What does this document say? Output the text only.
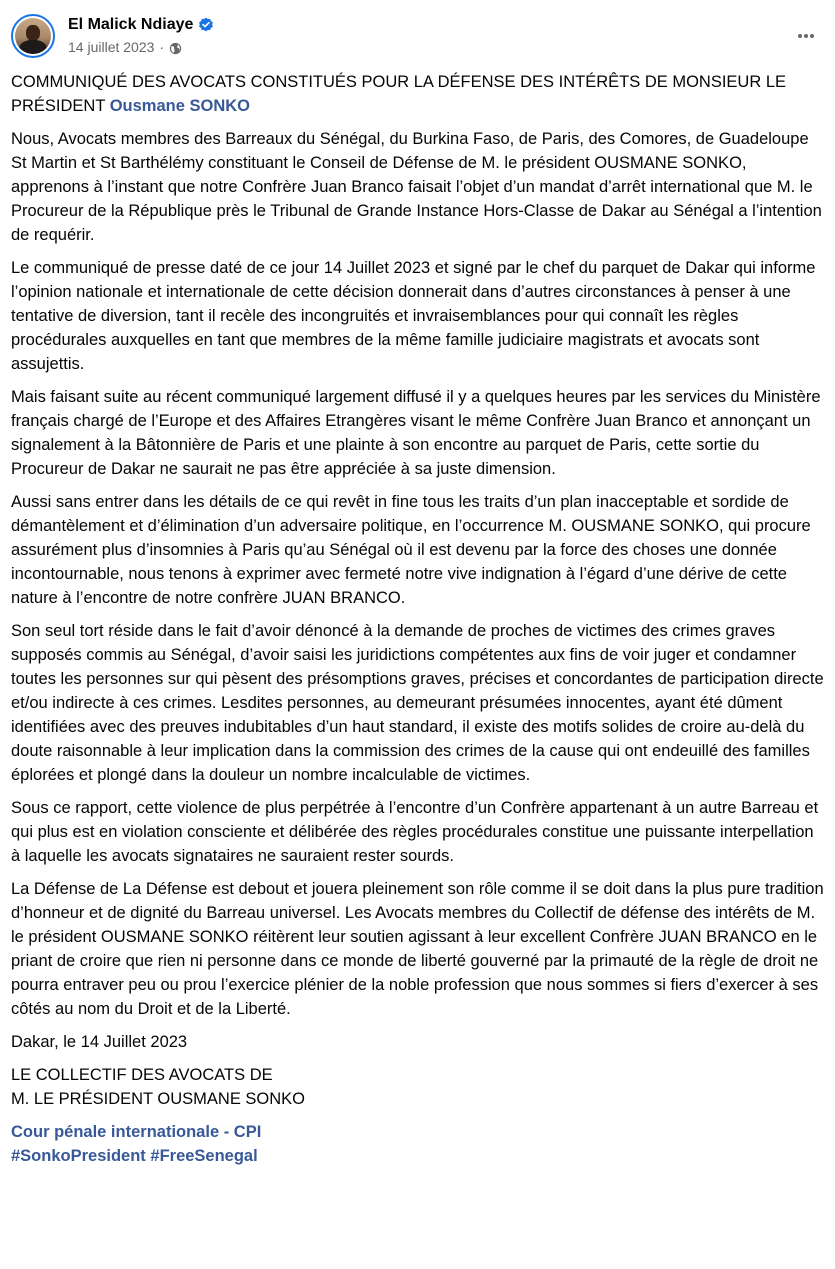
El Malick Ndiaye
14 juillet 2023 ·

COMMUNIQUÉ DES AVOCATS CONSTITUÉS POUR LA DÉFENSE DES INTÉRÊTS DE MONSIEUR LE PRÉSIDENT Ousmane SONKO

Nous, Avocats membres des Barreaux du Sénégal, du Burkina Faso, de Paris, des Comores, de Guadeloupe St Martin et St Barthélémy constituant le Conseil de Défense de M. le président OUSMANE SONKO, apprenons à l’instant que notre Confrère Juan Branco faisait l’objet d’un mandat d’arrêt international que M. le Procureur de la République près le Tribunal de Grande Instance Hors-Classe de Dakar au Sénégal a l’intention de requérir.

Le communiqué de presse daté de ce jour 14 Juillet 2023 et signé par le chef du parquet de Dakar qui informe l’opinion nationale et internationale de cette décision donnerait dans d’autres circonstances à penser à une tentative de diversion, tant il recèle des incongruités et invraisemblances pour qui connaît les règles procédurales auxquelles en tant que membres de la même famille judiciaire magistrats et avocats sont assujettis.

Mais faisant suite au récent communiqué largement diffusé il y a quelques heures par les services du Ministère français chargé de l’Europe et des Affaires Etrangères visant le même Confrère Juan Branco et annonçant un signalement à la Bâtonnière de Paris et une plainte à son encontre au parquet de Paris, cette sortie du Procureur de Dakar ne saurait ne pas être appréciée à sa juste dimension.

Aussi sans entrer dans les détails de ce qui revêt in fine tous les traits d’un plan inacceptable et sordide de démantèlement et d’élimination d’un adversaire politique, en l’occurrence M. OUSMANE SONKO, qui procure assurément plus d’insomnies à Paris qu’au Sénégal où il est devenu par la force des choses une donnée incontournable, nous tenons à exprimer avec fermeté notre vive indignation à l’égard d’une dérive de cette nature à l’encontre de notre confrère JUAN BRANCO.

Son seul tort réside dans le fait d’avoir dénoncé à la demande de proches de victimes des crimes graves supposés commis au Sénégal, d’avoir saisi les juridictions compétentes aux fins de voir juger et condamner toutes les personnes sur qui pèsent des présomptions graves, précises et concordantes de participation directe et/ou indirecte à ces crimes. Lesdites personnes, au demeurant présumées innocentes, ayant été dûment identifiées avec des preuves indubitables d’un haut standard, il existe des motifs solides de croire au-delà du doute raisonnable à leur implication dans la commission des crimes de la cause qui ont endeuillé des familles éplorées et plongé dans la douleur un nombre incalculable de victimes.

Sous ce rapport, cette violence de plus perpétrée à l’encontre d’un Confrère appartenant à un autre Barreau et qui plus est en violation consciente et délibérée des règles procédurales constitue une puissante interpellation à laquelle les avocats signataires ne sauraient rester sourds.

La Défense de La Défense est debout et jouera pleinement son rôle comme il se doit dans la plus pure tradition d’honneur et de dignité du Barreau universel. Les Avocats membres du Collectif de défense des intérêts de M. le président OUSMANE SONKO réitèrent leur soutien agissant à leur excellent Confrère JUAN BRANCO en le priant de croire que rien ni personne dans ce monde de liberté gouverné par la primauté de la règle de droit ne pourra entraver peu ou prou l’exercice plénier de la noble profession que nous sommes si fiers d’exercer à ses côtés au nom du Droit et de la Liberté.

Dakar, le 14 Juillet 2023

LE COLLECTIF DES AVOCATS DE
M. LE PRÉSIDENT OUSMANE SONKO

Cour pénale internationale - CPI

#SonkoPresident #FreeSenegal
